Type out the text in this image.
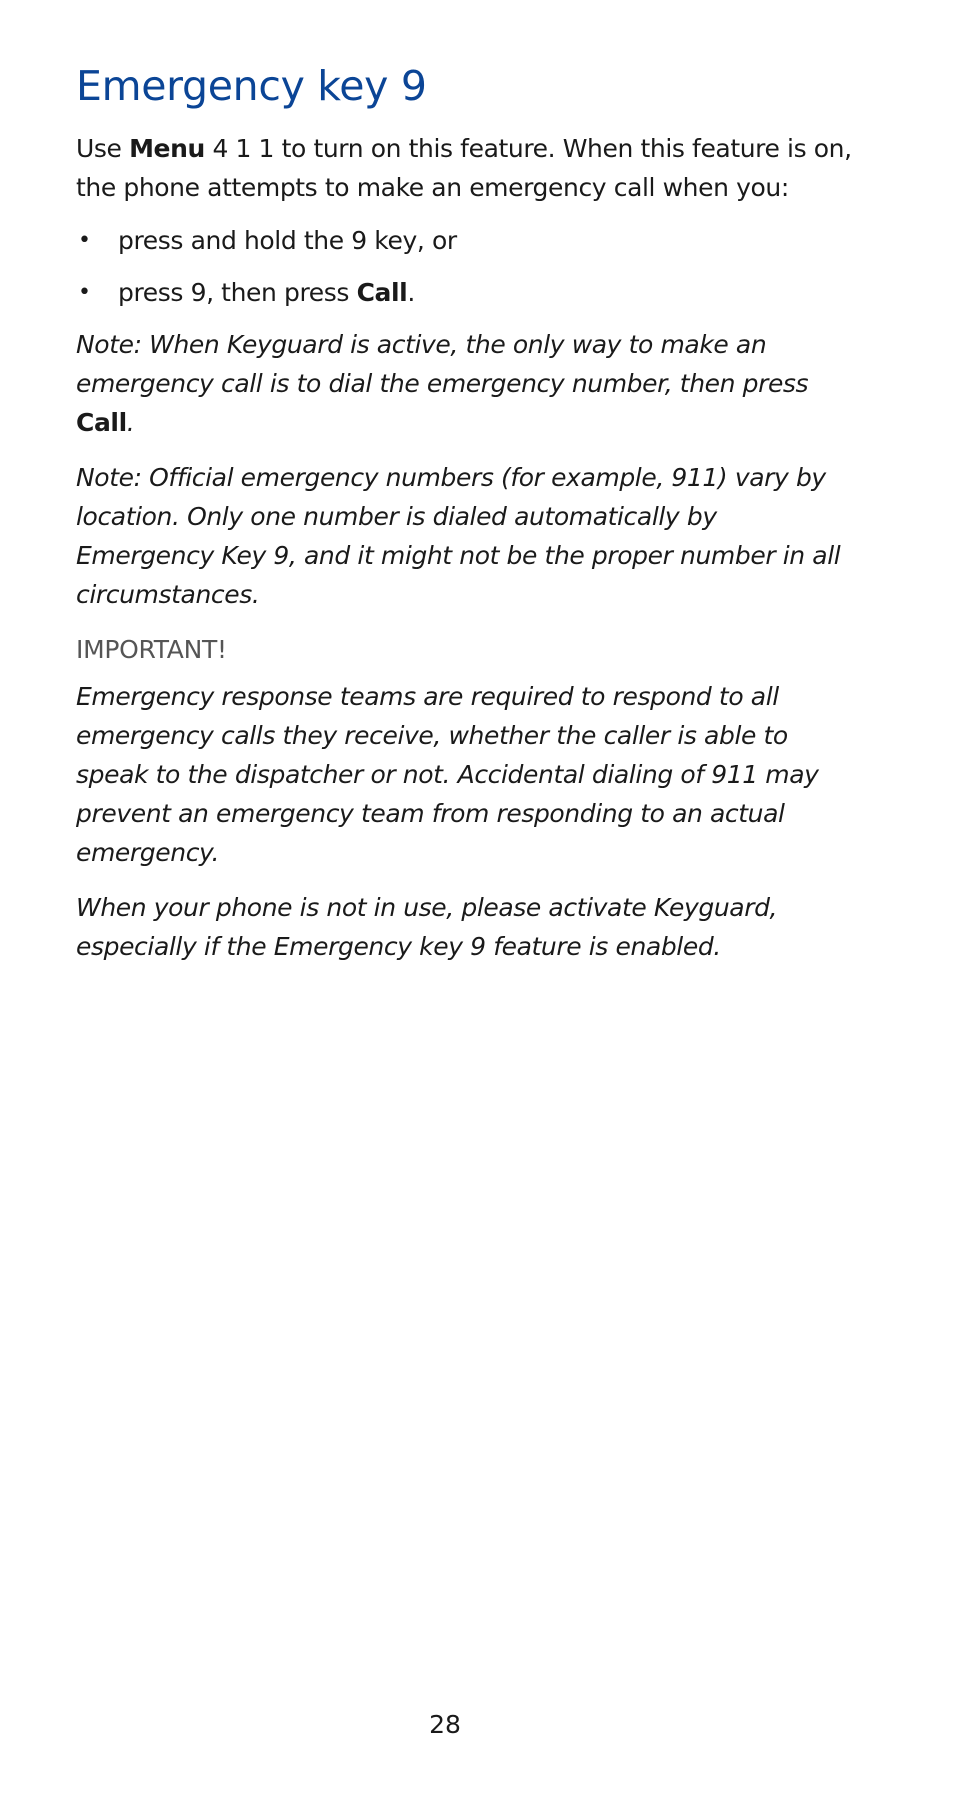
Emergency key 9

Use Menu 4 1 1 to turn on this feature. When this feature is on, the phone attempts to make an emergency call when you:

• press and hold the 9 key, or
• press 9, then press Call.

Note: When Keyguard is active, the only way to make an emergency call is to dial the emergency number, then press Call.

Note: Official emergency numbers (for example, 911) vary by location. Only one number is dialed automatically by Emergency Key 9, and it might not be the proper number in all circumstances.

IMPORTANT!

Emergency response teams are required to respond to all emergency calls they receive, whether the caller is able to speak to the dispatcher or not. Accidental dialing of 911 may prevent an emergency team from responding to an actual emergency.

When your phone is not in use, please activate Keyguard, especially if the Emergency key 9 feature is enabled.

28
